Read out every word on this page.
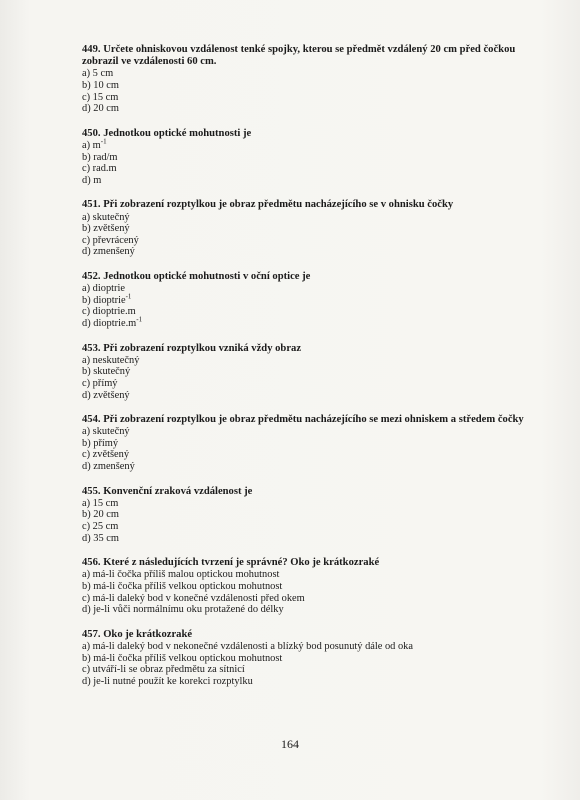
449. Určete ohniskovou vzdálenost tenké spojky, kterou se předmět vzdálený 20 cm před čočkou zobrazil ve vzdálenosti 60 cm.
a) 5 cm
b) 10 cm
c) 15 cm
d) 20 cm
450. Jednotkou optické mohutnosti je
a) $m^{-1}$
b) rad/m
c) rad.m
d) m
451. Při zobrazení rozptylkou je obraz předmětu nacházejícího se v ohnisku čočky
a) skutečný
b) zvětšený
c) převrácený
d) zmenšený
452. Jednotkou optické mohutnosti v oční optice je
a) dioptrie
b) dioptrie$^{-1}$
c) dioptrie.m
d) $dioptrie.m^{-1}$
453. Při zobrazení rozptylkou vzniká vždy obraz
a) neskutečný
b) skutečný
c) přímý
d) zvětšený
454. Při zobrazení rozptylkou je obraz předmětu nacházejícího se mezi ohniskem a středem čočky
a) skutečný
b) přímý
c) zvětšený
d) zmenšený
455. Konvenční zraková vzdálenost je
a) 15 cm
b) 20 cm
c) 25 cm
d) 35 cm
456. Které z následujících tvrzení je správné? Oko je krátkozraké
a) má-li čočka příliš malou optickou mohutnost
b) má-li čočka příliš velkou optickou mohutnost
c) má-li daleký bod v konečné vzdálenosti před okem
d) je-li vůči normálnímu oku protažené do délky
457. Oko je krátkozraké
a) má-li daleký bod v nekonečné vzdálenosti a blízký bod posunutý dále od oka
b) má-li čočka příliš velkou optickou mohutnost
c) utváří-li se obraz předmětu za sítnicí
d) je-li nutné použít ke korekci rozptylku
164
